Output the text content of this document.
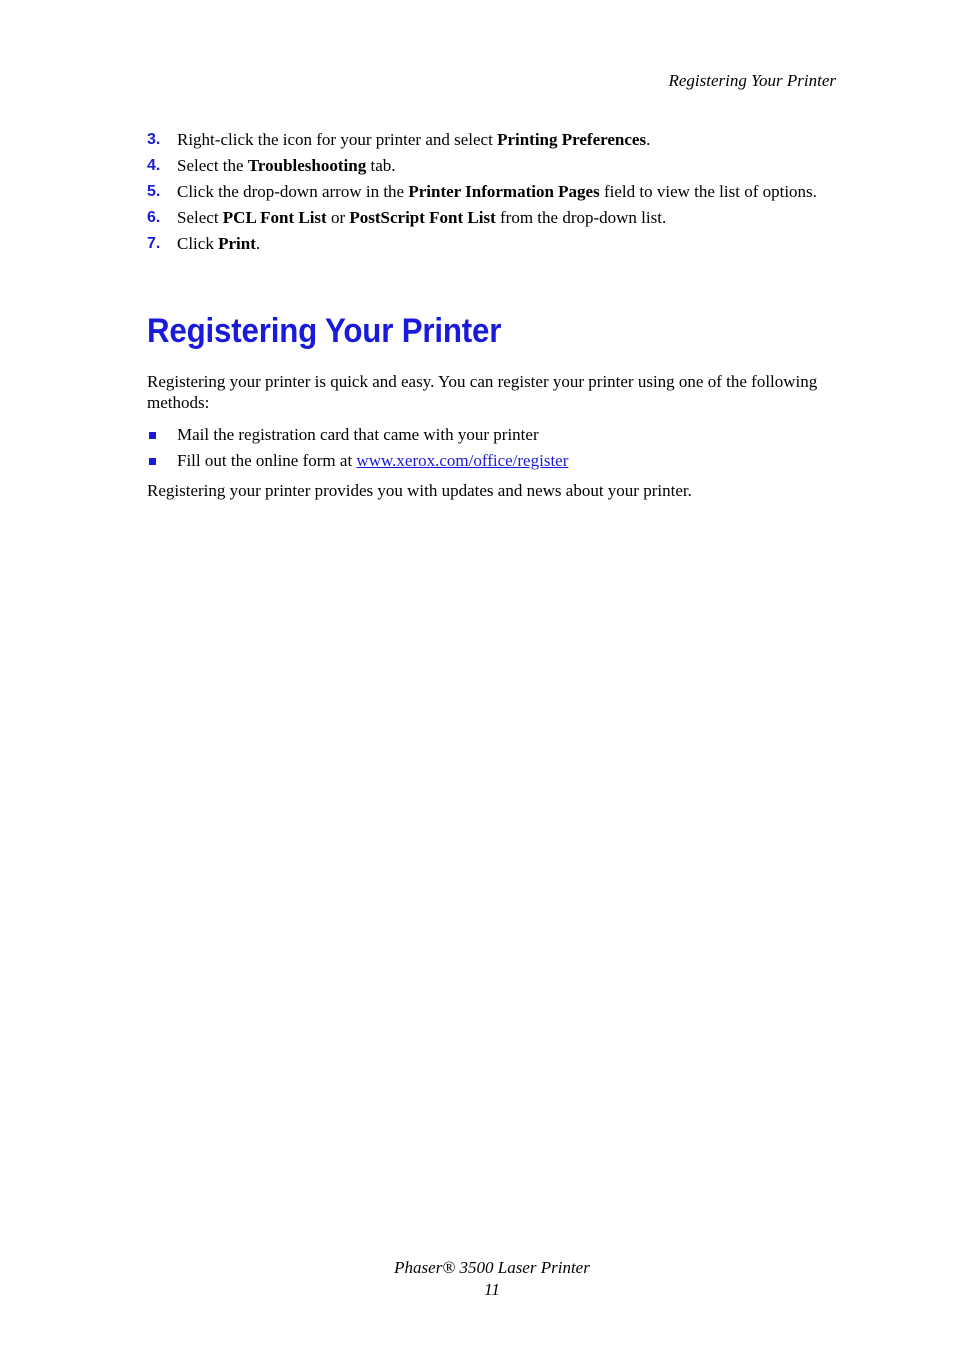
Registering Your Printer
3. Right-click the icon for your printer and select Printing Preferences.
4. Select the Troubleshooting tab.
5. Click the drop-down arrow in the Printer Information Pages field to view the list of options.
6. Select PCL Font List or PostScript Font List from the drop-down list.
7. Click Print.
Registering Your Printer

Registering your printer is quick and easy. You can register your printer using one of the following methods:

Mail the registration card that came with your printer
Fill out the online form at www.xerox.com/office/register

Registering your printer provides you with updates and news about your printer.

Phaser® 3500 Laser Printer
11
